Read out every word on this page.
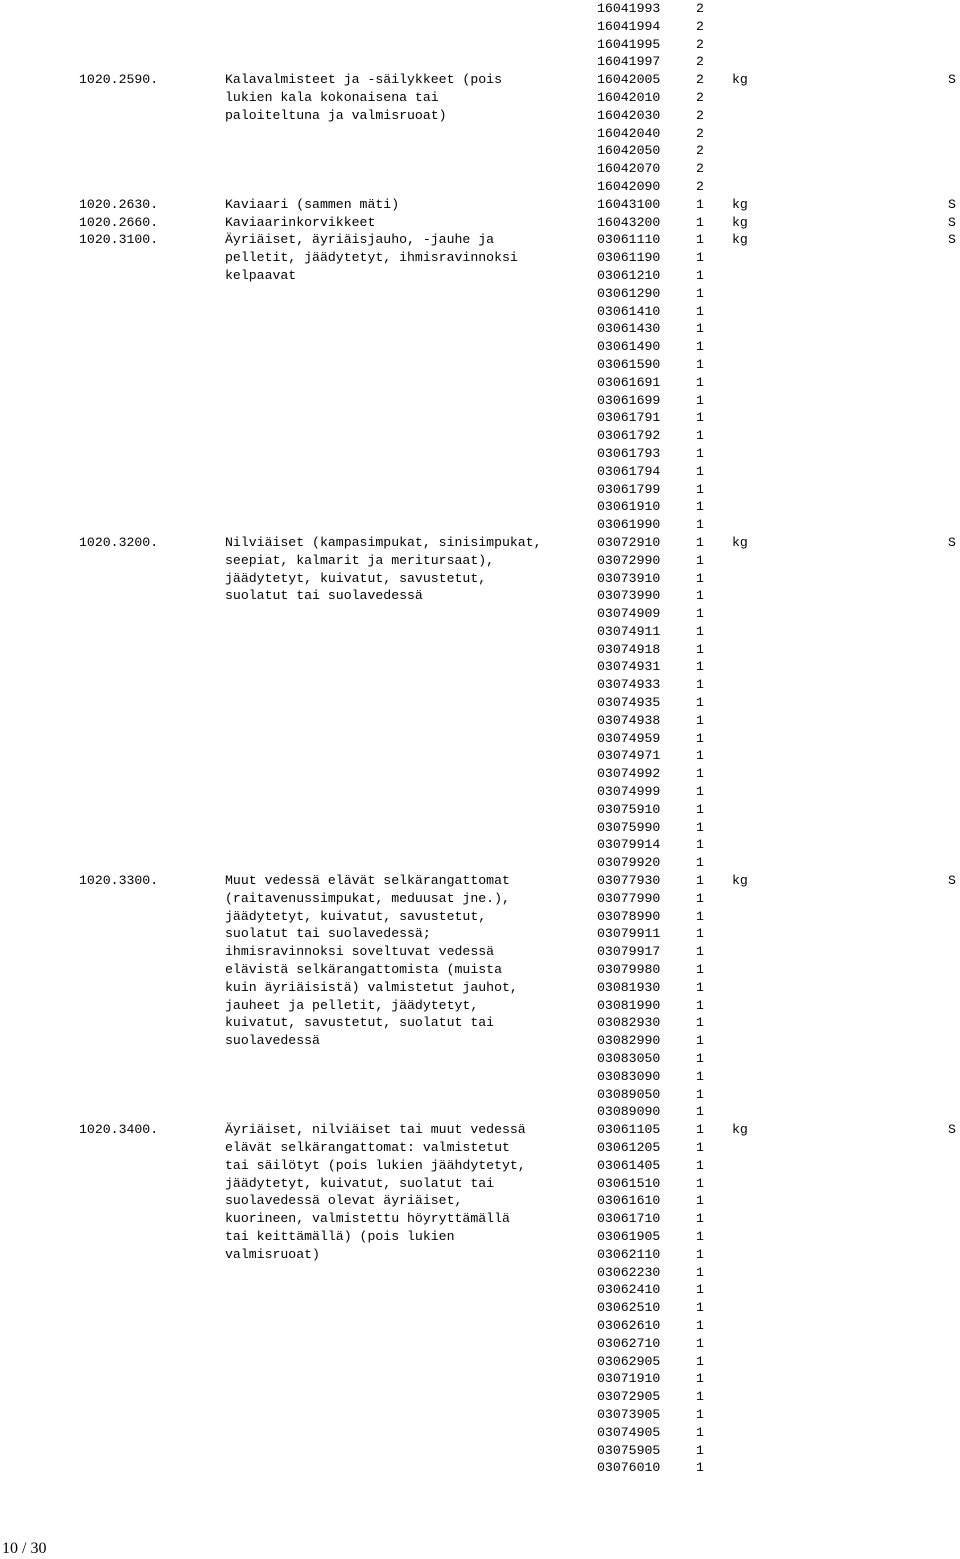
16041993	2
16041994	2
16041995	2
16041997	2
1020.2590.	Kalavalmisteet ja -säilykkeet (pois	16042005	2 kg	S
lukien kala kokonaisena tai	16042010	2
paloiteltuna ja valmisruoat)	16042030	2
16042040	2
16042050	2
16042070	2
16042090	2
1020.2630.	Kaviaari (sammen mäti)	16043100	1 kg	S
1020.2660.	Kaviaarinkorvikkeet	16043200	1 kg	S
1020.3100.	Äyriäiset, äyriäisjauho, -jauhe ja	03061110	1 kg	S
pelletit, jäädytetyt, ihmisravinnoksi	03061190	1
kelpaavat	03061210	1
03061290	1
03061410	1
03061430	1
03061490	1
03061590	1
03061691	1
03061699	1
03061791	1
03061792	1
03061793	1
03061794	1
03061799	1
03061910	1
03061990	1
1020.3200.	Nilviäiset (kampasimpukat, sinisimpukat,	03072910	1 kg	S
seepiat, kalmarit ja meritursaat),	03072990	1
jäädytetyt, kuivatut, savustetut,	03073910	1
suolatut tai suolavedessä	03073990	1
03074909	1
03074911	1
03074918	1
03074931	1
03074933	1
03074935	1
03074938	1
03074959	1
03074971	1
03074992	1
03074999	1
03075910	1
03075990	1
03079914	1
03079920	1
1020.3300.	Muut vedessä elävät selkärangattomat	03077930	1 kg	S
(raitavenussimpukat, meduusat jne.),	03077990	1
jäädytetyt, kuivatut, savustetut,	03078990	1
suolatut tai suolavedessä;	03079911	1
ihmisravinnoksi soveltuvat vedessä	03079917	1
elävistä selkärangattomista (muista	03079980	1
kuin äyriäisistä) valmistetut jauhot,	03081930	1
jauheet ja pelletit, jäädytetyt,	03081990	1
kuivatut, savustetut, suolatut tai	03082930	1
suolavedessä	03082990	1
03083050	1
03083090	1
03089050	1
03089090	1
1020.3400.	Äyriäiset, nilviäiset tai muut vedessä	03061105	1 kg	S
elävät selkärangattomat: valmistetut	03061205	1
tai säilötyt (pois lukien jäähdytetyt,	03061405	1
jäädytetyt, kuivatut, suolatut tai	03061510	1
suolavedessä olevat äyriäiset,	03061610	1
kuorineen, valmistettu höyryttämällä	03061710	1
tai keittämällä) (pois lukien	03061905	1
valmisruoat)	03062110	1
03062230	1
03062410	1
03062510	1
03062610	1
03062710	1
03062905	1
03071910	1
03072905	1
03073905	1
03074905	1
03075905	1
03076010	1
10 / 30
